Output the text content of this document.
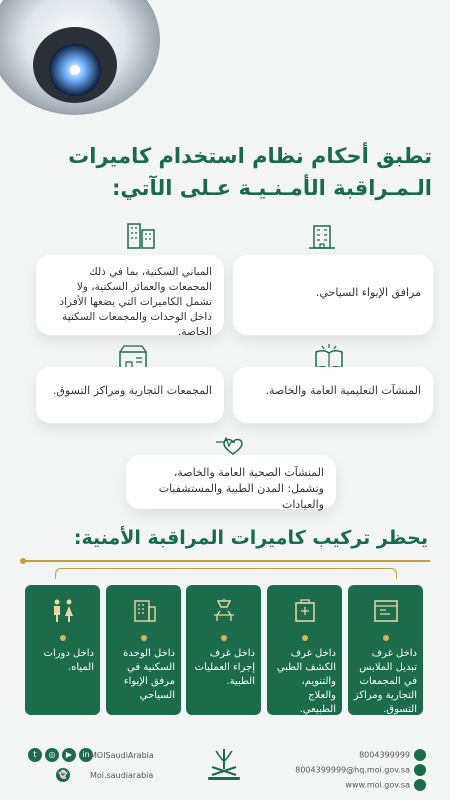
تطبق أحكام نظام استخدام كاميرات
الـمـراقبة الأمـنـيـة عـلى الآتي:
مرافق الإيواء السياحي.
المباني السكنية، بما في ذلك المجمعات والعمائر السكنية، ولا تشمل الكاميرات التي يضعها الأفراد داخل الوحدات والمجمعات السكنية الخاصة.
المنشآت التعليمية العامة والخاصة.
المجمعات التجارية ومراكز التسوق.
المنشآت الصحية العامة والخاصة، وتشمل: المدن الطبية والمستشفيات والعيادات
يحظر تركيب كاميرات المراقبة الأمنية:
داخل غرف تبديل الملابس في المجمعات التجارية ومراكز التسوق.
داخل غرف الكشف الطبي والتنويم، والعلاج الطبيعي.
داخل غرف إجراء العمليات الطبية.
داخل الوحدة السكنية في مرفق الإيواء السياحي
داخل دورات المياه.
t	◎	▶	in MOISaudiArabia
👻	Moi.saudiarabia
8004399999
8004399999@hq.moi.gov.sa
www.moi.gov.sa
